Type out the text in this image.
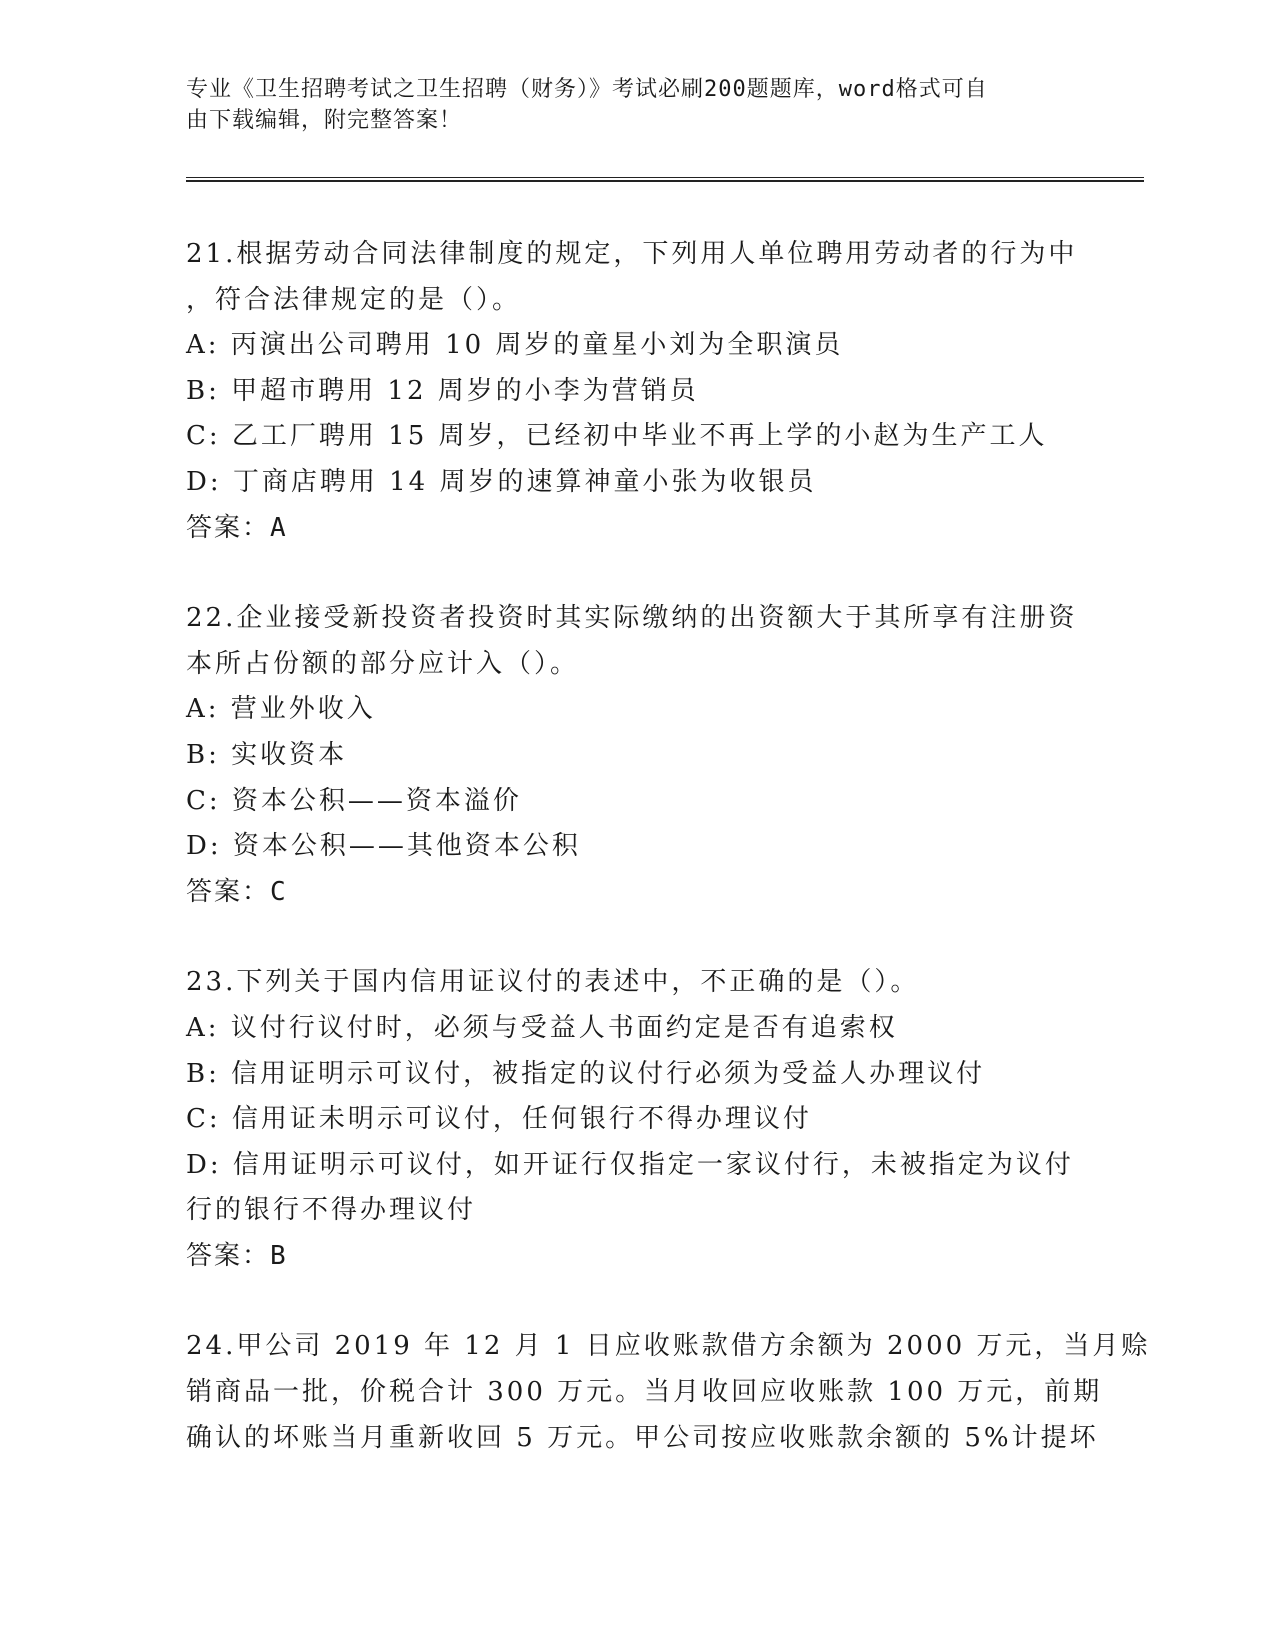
专业《卫生招聘考试之卫生招聘（财务）》考试必刷200题题库，word格式可自
由下载编辑，附完整答案！
21.根据劳动合同法律制度的规定，下列用人单位聘用劳动者的行为中
，符合法律规定的是（）。
A: 丙演出公司聘用 10 周岁的童星小刘为全职演员
B: 甲超市聘用 12 周岁的小李为营销员
C: 乙工厂聘用 15 周岁，已经初中毕业不再上学的小赵为生产工人
D: 丁商店聘用 14 周岁的速算神童小张为收银员
答案：A
22.企业接受新投资者投资时其实际缴纳的出资额大于其所享有注册资
本所占份额的部分应计入（）。
A: 营业外收入
B: 实收资本
C: 资本公积——资本溢价
D: 资本公积——其他资本公积
答案：C
23.下列关于国内信用证议付的表述中，不正确的是（）。
A: 议付行议付时，必须与受益人书面约定是否有追索权
B: 信用证明示可议付，被指定的议付行必须为受益人办理议付
C: 信用证未明示可议付，任何银行不得办理议付
D: 信用证明示可议付，如开证行仅指定一家议付行，未被指定为议付
行的银行不得办理议付
答案：B
24.甲公司 2019 年 12 月 1 日应收账款借方余额为 2000 万元，当月赊
销商品一批，价税合计 300 万元。当月收回应收账款 100 万元，前期
确认的坏账当月重新收回 5 万元。甲公司按应收账款余额的 5%计提坏
